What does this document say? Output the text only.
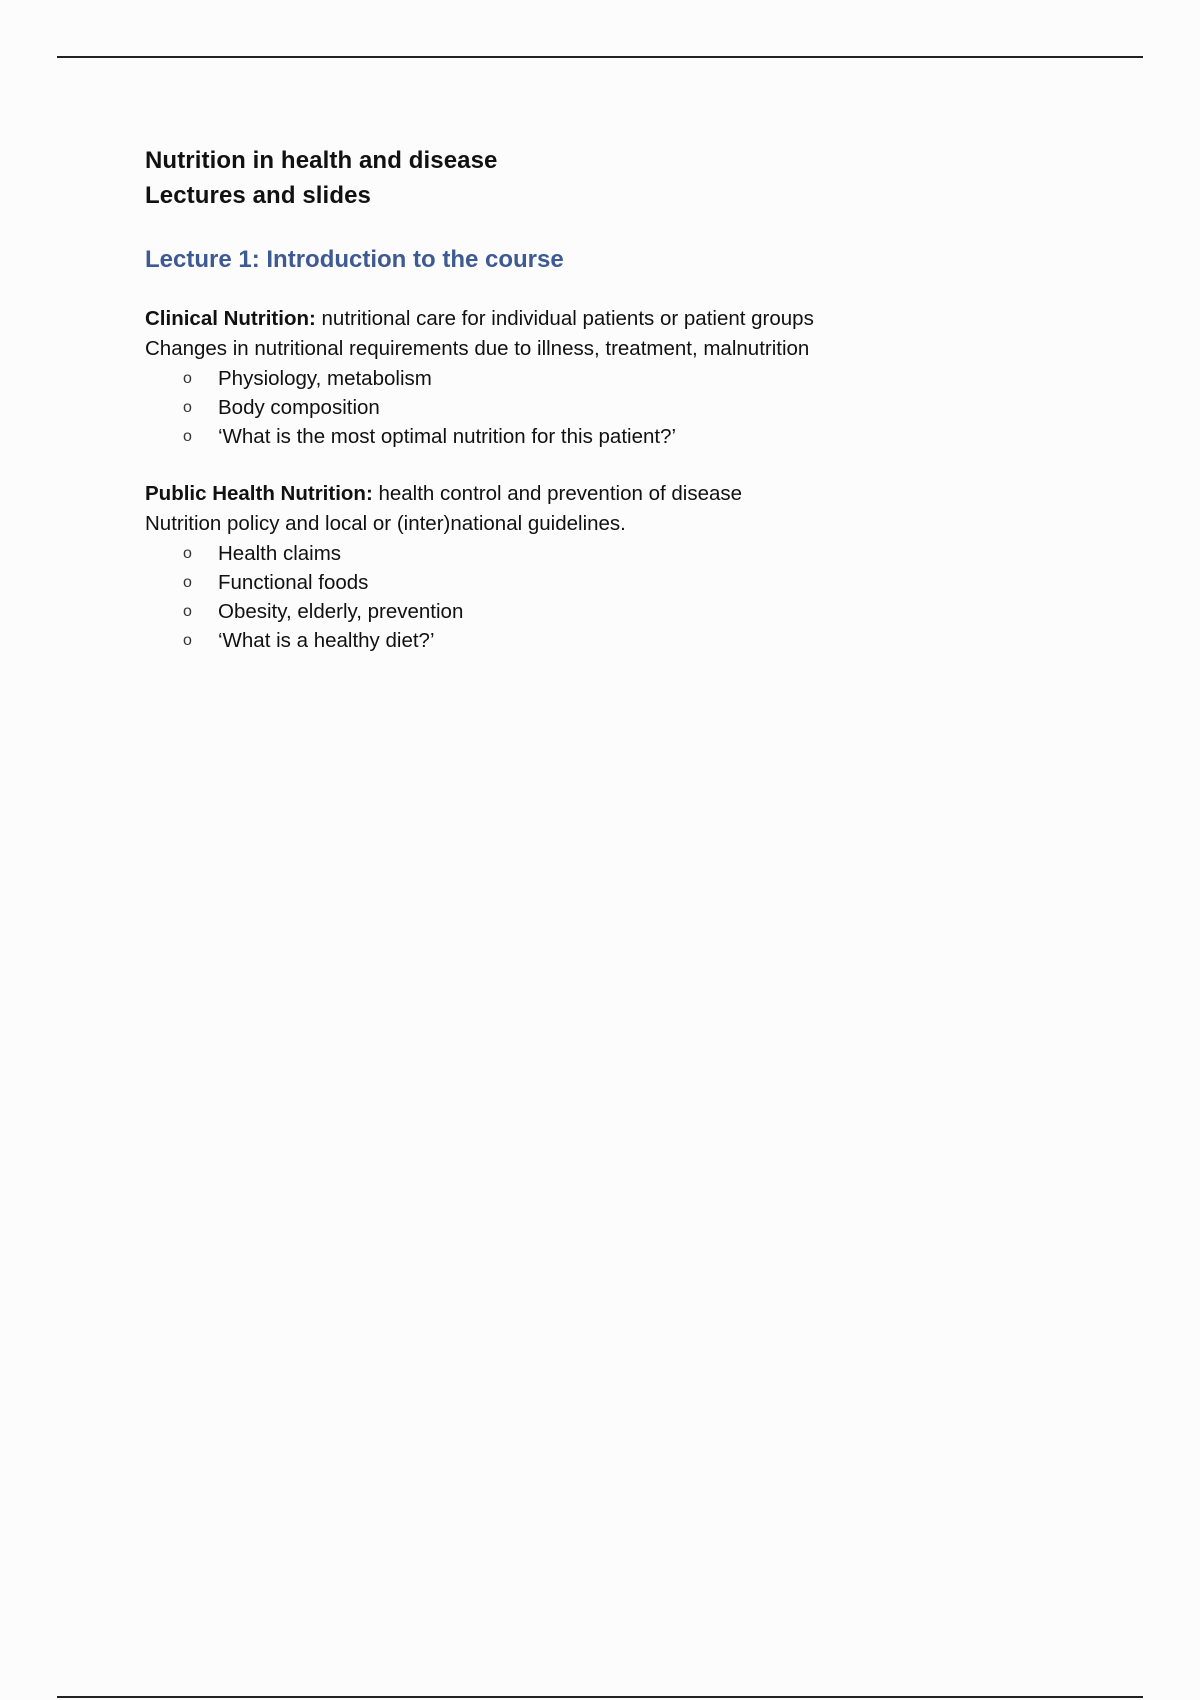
Nutrition in health and disease

Lectures and slides

Lecture 1: Introduction to the course

Clinical Nutrition: nutritional care for individual patients or patient groups

Changes in nutritional requirements due to illness, treatment, malnutrition

o Physiology, metabolism
o Body composition
o ‘What is the most optimal nutrition for this patient?’

Public Health Nutrition: health control and prevention of disease

Nutrition policy and local or (inter)national guidelines.

o Health claims
o Functional foods
o Obesity, elderly, prevention
o ‘What is a healthy diet?’
